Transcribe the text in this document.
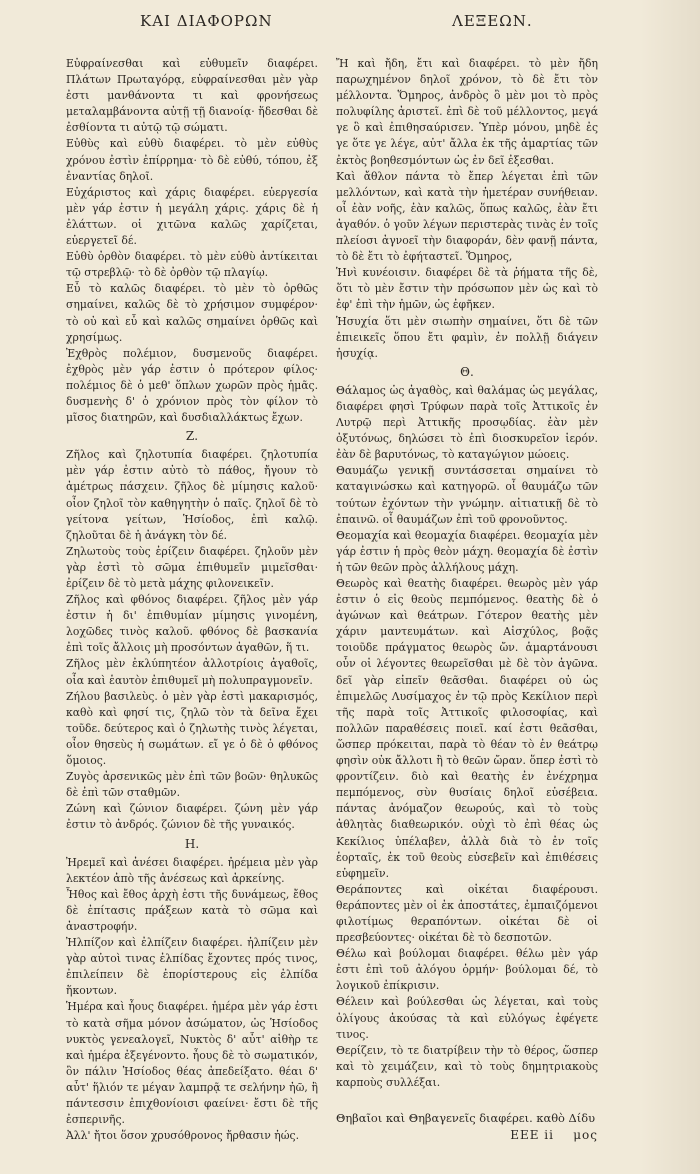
ΚΑΙ ΔΙΑΦΟΡΩΝ	ΛΕΞΕΩΝ.

Εὐφραίνεσθαι καὶ εὐθυμεῖν διαφέρει. Πλάτων Πρωταγόρᾳ, εὐφραίνεσθαι μὲν γὰρ ἐστι μανθάνοντα τι καὶ φρονήσεως μεταλαμβάνοντα αὐτῇ τῇ διανοίᾳ· ἥδεσθαι δὲ ἐσθίοντα τι αὐτῷ τῷ σώματι.

Εὐθὺς καὶ εὐθὺ διαφέρει. τὸ μὲν εὐθὺς χρόνου ἐστὶν ἐπίρρημα· τὸ δὲ εὐθύ, τόπου, ἐξ ἐναντίας δηλοῖ.

Εὐχάριστος καὶ χάρις διαφέρει. εὐεργεσία μὲν γάρ ἐστιν ἡ μεγάλη χάρις. χάρις δὲ ἡ ἐλάττων. οἱ χιτῶνα καλῶς χαρίζεται, εὐεργετεῖ δέ.

Εὐθὺ ὀρθὸν διαφέρει. τὸ μὲν εὐθὺ ἀντίκειται τῷ στρεβλῷ· τὸ δὲ ὀρθὸν τῷ πλαγίῳ.

Εὖ τὸ καλῶς διαφέρει. τὸ μὲν τὸ ὀρθῶς σημαίνει, καλῶς δὲ τὸ χρήσιμον συμφέρον· τὸ οὐ καὶ εὖ καὶ καλῶς σημαίνει ὀρθῶς καὶ χρησίμως.

Ἐχθρὸς πολέμιον, δυσμενοῦς διαφέρει. ἐχθρὸς μὲν γάρ ἐστιν ὁ πρότερον φίλος· πολέμιος δὲ ὁ μεθ' ὅπλων χωρῶν πρὸς ἡμᾶς. δυσμενὴς δ' ὁ χρόνιον πρὸς τὸν φίλον τὸ μῖσος διατηρῶν, καὶ δυσδιαλλάκτως ἔχων.

Ζ.

Ζῆλος καὶ ζηλοτυπία διαφέρει. ζηλοτυπία μὲν γάρ ἐστιν αὐτὸ τὸ πάθος, ἤγουν τὸ ἀμέτρως πάσχειν. ζῆλος δὲ μίμησις καλοῦ· οἷον ζηλοῖ τὸν καθηγητὴν ὁ παῖς. ζηλοῖ δὲ τὸ γείτονα γείτων, Ἡσίοδος, ἐπὶ καλῷ. ζηλοῦται δὲ ἡ ἀνάγκη τὸν δέ.

Ζηλωτοὺς τοὺς ἐρίζειν διαφέρει. ζηλοῦν μὲν γὰρ ἐστὶ τὸ σῶμα ἐπιθυμεῖν μιμεῖσθαι· ἐρίζειν δὲ τὸ μετὰ μάχης φιλονεικεῖν.

Ζῆλος καὶ φθόνος διαφέρει. ζῆλος μὲν γάρ ἐστιν ἡ δι' ἐπιθυμίαν μίμησις γινομένη, λοχῶδες τινὸς καλοῦ. φθόνος δὲ βασκανία ἐπὶ τοῖς ἄλλοις μὴ προσόντων ἀγαθῶν, ἥ τι.

Ζῆλος μὲν ἐκλύπητέον ἀλλοτρίοις ἀγαθοῖς, οἷα καὶ ἑαυτὸν ἐπιθυμεῖ μὴ πολυπραγμονεῖν.

Ζήλου βασιλεὺς. ὁ μὲν γὰρ ἐστὶ μακαρισμός, καθὸ καὶ φησί τις, ζηλῶ τὸν τὰ δεῖνα ἔχει τοῦδε. δεύτερος καὶ ὁ ζηλωτὴς τινὸς λέγεται, οἷον θησεὺς ἡ σωμάτων. εἴ γε ὁ δὲ ὁ φθόνος ὅμοιος.

Ζυγὸς ἀρσενικῶς μὲν ἐπὶ τῶν βοῶν· θηλυκῶς δὲ ἐπὶ τῶν σταθμῶν.

Ζώνη καὶ ζώνιον διαφέρει. ζώνη μὲν γάρ ἐστιν τὸ ἀνδρός. ζώνιον δὲ τῆς γυναικός.

Η.

Ἠρεμεῖ καὶ ἀνέσει διαφέρει. ἠρέμεια μὲν γὰρ λεκτέον ἀπὸ τῆς ἀνέσεως καὶ ἀρκείνης.

Ἦθος καὶ ἔθος ἀρχὴ ἐστι τῆς δυνάμεως, ἔθος δὲ ἐπίτασις πράξεων κατὰ τὸ σῶμα καὶ ἀναστροφήν.

Ἠλπίζον καὶ ἐλπίζειν διαφέρει. ἠλπίζειν μὲν γὰρ αὐτοὶ τινας ἐλπίδας ἔχοντες πρός τινος, ἐπιλείπειν δὲ ἐπορίστερους εἰς ἐλπίδα ἥκοντων.

Ἡμέρα καὶ ἦους διαφέρει. ἡμέρα μὲν γάρ ἐστι τὸ κατὰ σῆμα μόνον ἀσώματον, ὡς Ἡσίοδος νυκτὸς γενεαλογεῖ, Νυκτὸς δ' αὖτ' αἰθὴρ τε καὶ ἡμέρα ἐξεγένοντο. ἦους δὲ τὸ σωματικόν, ὃν πάλιν Ἡσίοδος θέας ἀπεδείξατο. θέαι δ' αὖτ' ἥλιόν τε μέγαν λαμπρᾷ τε σελήνην ἠῶ, ἣ πάντεσσιν ἐπιχθονίοισι φαείνει· ἔστι δὲ τῆς ἐσπερινῆς.

Ἀλλ' ἤτοι ὅσον χρυσόθρονος ἤρθασιν ἠώς.

Ἤ καὶ ἤδη, ἔτι καὶ διαφέρει. τὸ μὲν ἤδη παρωχημένον δηλοῖ χρόνον, τὸ δὲ ἔτι τὸν μέλλοντα. Ὅμηρος, ἀνδρὸς ὃ μὲν μοι τὸ πρὸς πολυφίλης ἀριστεῖ. ἐπὶ δὲ τοῦ μέλλοντος, μεγά γε ὃ καὶ ἐπιθησαύρισεν. Ὑπὲρ μόνου, μηδὲ ἐς γε ὅτε γε λέγε, αὐτ' ἄλλα ἐκ τῆς ἁμαρτίας τῶν ἐκτὸς βοηθεσμόντων ὡς ἐν δεῖ ἐξεσθαι.

Καὶ ἄθλον πάντα τὸ ἔπερ λέγεται ἐπὶ τῶν μελλόντων, καὶ κατὰ τὴν ἡμετέραν συνήθειαν. οἷ ἐὰν νοῆς, ἐὰν καλῶς, ὅπως καλῶς, ἐὰν ἔτι ἀγαθόν. ὁ γοῦν λέγων περιστερὰς τινὰς ἐν τοῖς πλείοσι ἀγνοεῖ τὴν διαφοράν, δὲν φανῇ πάντα, τὸ δὲ ἔτι τὸ ἐφήταστεῖ. Ὅμηρος,

Ἡνὶ κυνέοισιν. διαφέρει δὲ τὰ ῥήματα τῆς δὲ, ὅτι τὸ μὲν ἔστιν τὴν πρόσωπον μὲν ὡς καὶ τὸ ἐφ' ἐπὶ τὴν ἡμῶν, ὡς ἐφῆκεν.

Ἡσυχία ὅτι μὲν σιωπὴν σημαίνει, ὅτι δὲ τῶν ἐπιεικεῖς ὅπου ἔτι φαμὶν, ἐν πολλῇ διάγειν ἡσυχίᾳ.

Θ.

Θάλαμος ὡς ἀγαθὸς, καὶ θαλάμας ὡς μεγάλας, διαφέρει φησὶ Τρύφων παρὰ τοῖς Ἀττικοῖς ἐν Λυτρῷ περὶ Ἀττικῆς προσῳδίας. ἐὰν μὲν ὀξυτόνως, δηλώσει τὸ ἐπὶ διοσκυρεῖον ἱερόν. ἐὰν δὲ βαρυτόνως, τὸ καταγώγιον μώοεις.

Θαυμάζω γενικῇ συντάσσεται σημαίνει τὸ καταγινώσκω καὶ κατηγορῶ. οἷ θαυμάζω τῶν τούτων ἐχόντων τὴν γνώμην. αἰτιατικῇ δὲ τὸ ἐπαινῶ. οἷ θαυμάζων ἐπὶ τοῦ φρονοῦντος.

Θεομαχία καὶ θεομαχία διαφέρει. θεομαχία μὲν γάρ ἐστιν ἡ πρὸς θεὸν μάχη. θεομαχία δὲ ἐστὶν ἡ τῶν θεῶν πρὸς ἀλλήλους μάχη.

Θεωρὸς καὶ θεατὴς διαφέρει. θεωρὸς μὲν γάρ ἐστιν ὁ εἰς θεοὺς πεμπόμενος. θεατὴς δὲ ὁ ἀγώνων καὶ θεάτρων. Γότερον θεατὴς μὲν χάριν μαντευμάτων. καὶ Αἰσχύλος, βοᾷς τοιοῦδε πράγματος θεωρὸς ὤν. ἁμαρτάνουσι οὖν οἱ λέγοντες θεωρεῖσθαι μὲ δὲ τὸν ἀγῶνα. δεῖ γὰρ εἰπεῖν θεᾶσθαι. διαφέρει οὐ ὡς ἐπιμελῶς Λυσίμαχος ἐν τῷ πρὸς Κεκίλιον περὶ τῆς παρὰ τοῖς Ἀττικοῖς φιλοσοφίας, καὶ πολλῶν παραθέσεις ποιεῖ. καί ἐστι θεᾶσθαι, ὥσπερ πρόκειται, παρὰ τὸ θέαν τὸ ἐν θεάτρῳ φησὶν οὐκ ἄλλοτι ἢ τὸ θεῶν ὤραν. ὅπερ ἐστὶ τὸ φροντίζειν. διὸ καὶ θεατὴς ἐν ἐνέχρημα πεμπόμενος, σὺν θυσίαις δηλοῖ εὐσέβεια. πάντας ἀνόμαζον θεωρούς, καὶ τὸ τοὺς ἀθλητὰς διαθεωρικόν. οὐχὶ τὸ ἐπὶ θέας ὡς Κεκίλιος ὑπέλαβεν, ἀλλὰ διὰ τὸ ἐν τοῖς ἑορταῖς, ἐκ τοῦ θεοὺς εὐσεβεῖν καὶ ἐπιθέσεις εὐφημεῖν.

Θεράποντες καὶ οἰκέται διαφέρουσι. θεράποντες μὲν οἱ ἐκ ἀποστάτες, ἐμπαιζόμενοι φιλοτίμως θεραπόντων. οἰκέται δὲ οἱ πρεσβεύοντες· οἰκέται δὲ τὸ δεσποτῶν.

Θέλω καὶ βούλομαι διαφέρει. θέλω μὲν γάρ ἐστι ἐπὶ τοῦ ἀλόγου ὁρμήν· βούλομαι δέ, τὸ λογικοῦ ἐπίκρισιν.

Θέλειν καὶ βούλεσθαι ὡς λέγεται, καὶ τοὺς ὀλίγους ἀκούσας τὰ καὶ εὐλόγως ἐφέγετε τινος.

Θερίζειν, τὸ τε διατρίβειν τὴν τὸ θέρος, ὥσπερ καὶ τὸ χειμάζειν, καὶ τὸ τοὺς δημητριακοὺς καρποὺς συλλέξαι.

Θηβαῖοι καὶ Θηβαγενεῖς διαφέρει. καθὸ Δίδυ

ΕΕΕ ii μος
